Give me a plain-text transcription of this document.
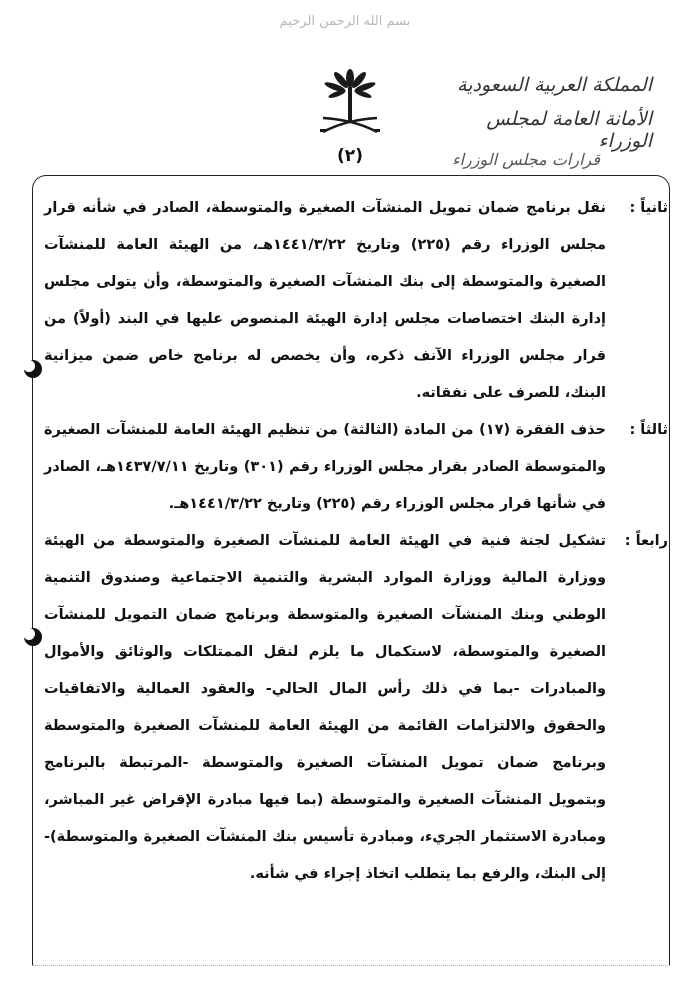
بسم الله الرحمن الرحيم
(٢)
المملكة العربية السعودية
الأمانة العامة لمجلس الوزراء
قرارات مجلس الوزراء
ثانياً :
نقل برنامج ضمان تمويل المنشآت الصغيرة والمتوسطة، الصادر في شأنه قرار مجلس الوزراء رقم (٢٢٥) وتاريخ ١٤٤١/٣/٢٢هـ، من الهيئة العامة للمنشآت الصغيرة والمتوسطة إلى بنك المنشآت الصغيرة والمتوسطة، وأن يتولى مجلس إدارة البنك اختصاصات مجلس إدارة الهيئة المنصوص عليها في البند (أولاً) من قرار مجلس الوزراء الآنف ذكره، وأن يخصص له برنامج خاص ضمن ميزانية البنك، للصرف على نفقاته.
ثالثاً :
حذف الفقرة (١٧) من المادة (الثالثة) من تنظيم الهيئة العامة للمنشآت الصغيرة والمتوسطة الصادر بقرار مجلس الوزراء رقم (٣٠١) وتاريخ ١٤٣٧/٧/١١هـ، الصادر في شأنها قرار مجلس الوزراء رقم (٢٢٥) وتاريخ ١٤٤١/٣/٢٢هـ.
رابعاً :
تشكيل لجنة فنية في الهيئة العامة للمنشآت الصغيرة والمتوسطة من الهيئة ووزارة المالية ووزارة الموارد البشرية والتنمية الاجتماعية وصندوق التنمية الوطني وبنك المنشآت الصغيرة والمتوسطة وبرنامج ضمان التمويل للمنشآت الصغيرة والمتوسطة، لاستكمال ما يلزم لنقل الممتلكات والوثائق والأموال والمبادرات -بما في ذلك رأس المال الحالي- والعقود العمالية والاتفاقيات والحقوق والالتزامات القائمة من الهيئة العامة للمنشآت الصغيرة والمتوسطة وبرنامج ضمان تمويل المنشآت الصغيرة والمتوسطة -المرتبطة بالبرنامج وبتمويل المنشآت الصغيرة والمتوسطة (بما فيها مبادرة الإقراض غير المباشر، ومبادرة الاستثمار الجريء، ومبادرة تأسيس بنك المنشآت الصغيرة والمتوسطة)- إلى البنك، والرفع بما يتطلب اتخاذ إجراء في شأنه.
